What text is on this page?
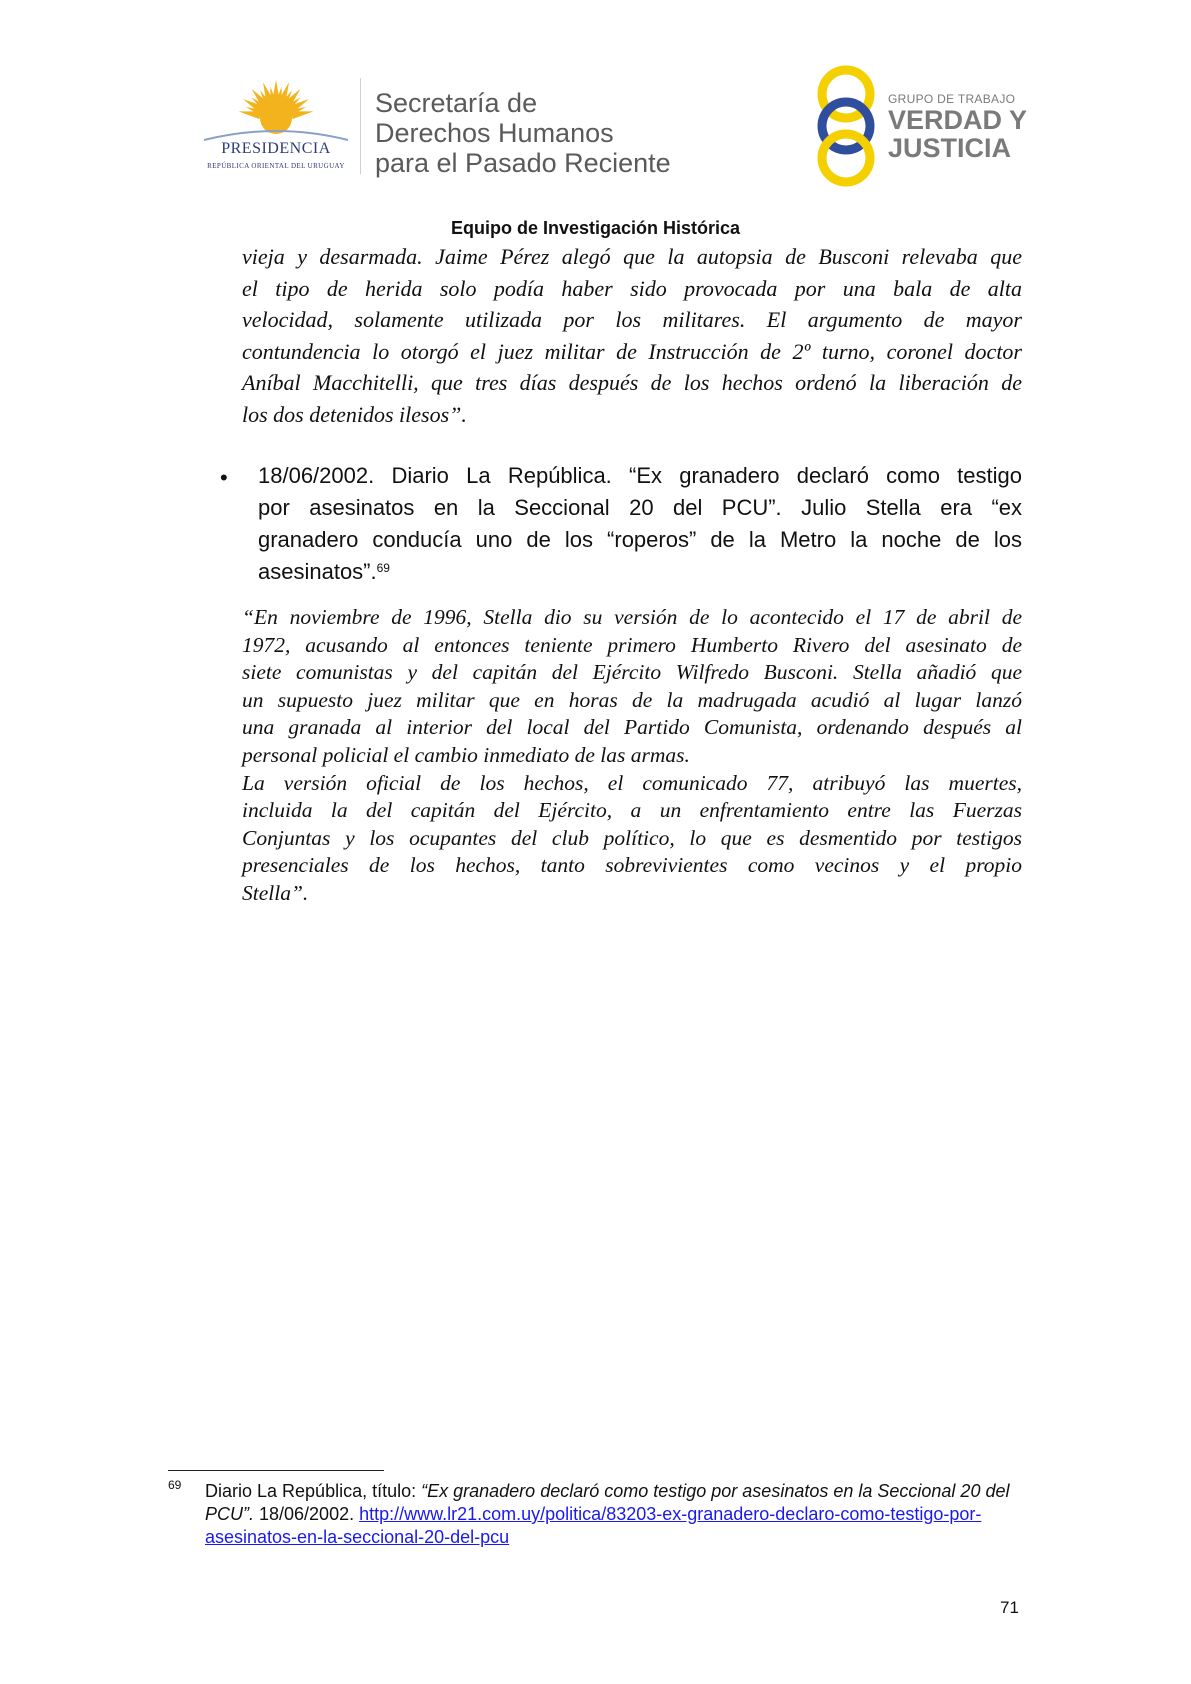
PRESIDENCIA
REPÚBLICA ORIENTAL DEL URUGUAY
Secretaría de
Derechos Humanos
para el Pasado Reciente
GRUPO DE TRABAJO
VERDAD Y
JUSTICIA
Equipo de Investigación Histórica
vieja y desarmada. Jaime Pérez alegó que la autopsia de Busconi relevaba que
el tipo de herida solo podía haber sido provocada por una bala de alta
velocidad, solamente utilizada por los militares. El argumento de mayor
contundencia lo otorgó el juez militar de Instrucción de 2º turno, coronel doctor
Aníbal Macchitelli, que tres días después de los hechos ordenó la liberación de
los dos detenidos ilesos”.
• 18/06/2002. Diario La República. “Ex granadero declaró como testigo
por asesinatos en la Seccional 20 del PCU”. Julio Stella era “ex
granadero conducía uno de los “roperos” de la Metro la noche de los
asesinatos”.$^{69}$
“En noviembre de 1996, Stella dio su versión de lo acontecido el 17 de abril de
1972, acusando al entonces teniente primero Humberto Rivero del asesinato de
siete comunistas y del capitán del Ejército Wilfredo Busconi. Stella añadió que
un supuesto juez militar que en horas de la madrugada acudió al lugar lanzó
una granada al interior del local del Partido Comunista, ordenando después al
personal policial el cambio inmediato de las armas.
La versión oficial de los hechos, el comunicado 77, atribuyó las muertes,
incluida la del capitán del Ejército, a un enfrentamiento entre las Fuerzas
Conjuntas y los ocupantes del club político, lo que es desmentido por testigos
presenciales de los hechos, tanto sobrevivientes como vecinos y el propio
Stella”.
69 Diario La República, título: “Ex granadero declaró como testigo por asesinatos en la Seccional 20 del PCU”. 18/06/2002. http://www.lr21.com.uy/politica/83203-ex-granadero-declaro-como-testigo-por-asesinatos-en-la-seccional-20-del-pcu
71
